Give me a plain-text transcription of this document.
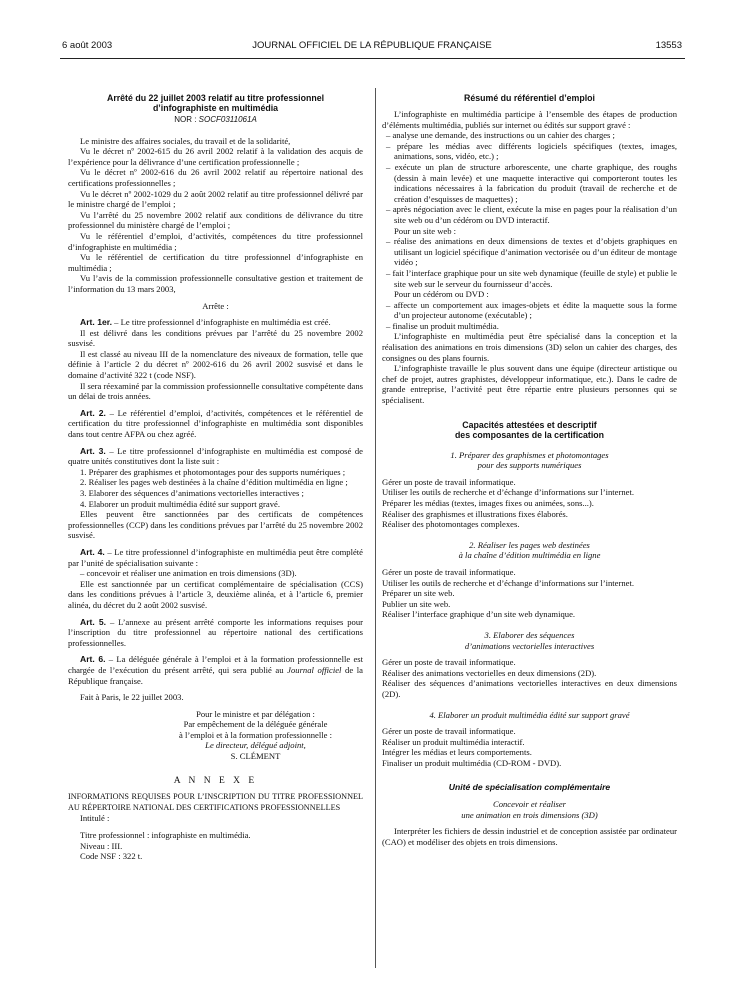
6 août 2003	JOURNAL OFFICIEL DE LA RÉPUBLIQUE FRANÇAISE	13553

Arrêté du 22 juillet 2003 relatif au titre professionnel
d’infographiste en multimédia

NOR : SOCF0311061A

Le ministre des affaires sociales, du travail et de la solidarité,

Vu le décret nº 2002-615 du 26 avril 2002 relatif à la validation des acquis de l’expérience pour la délivrance d’une certification professionnelle ;

Vu le décret nº 2002-616 du 26 avril 2002 relatif au répertoire national des certifications professionnelles ;

Vu le décret nº 2002-1029 du 2 août 2002 relatif au titre professionnel délivré par le ministre chargé de l’emploi ;

Vu l’arrêté du 25 novembre 2002 relatif aux conditions de délivrance du titre professionnel du ministère chargé de l’emploi ;

Vu le référentiel d’emploi, d’activités, compétences du titre professionnel d’infographiste en multimédia ;

Vu le référentiel de certification du titre professionnel d’infographiste en multimédia ;

Vu l’avis de la commission professionnelle consultative gestion et traitement de l’information du 13 mars 2003,

Arrête :

Art. 1er. – Le titre professionnel d’infographiste en multimédia est créé.

Il est délivré dans les conditions prévues par l’arrêté du 25 novembre 2002 susvisé.

Il est classé au niveau III de la nomenclature des niveaux de formation, telle que définie à l’article 2 du décret nº 2002-616 du 26 avril 2002 susvisé et dans le domaine d’activité 322 t (code NSF).

Il sera réexaminé par la commission professionnelle consultative compétente dans un délai de trois années.

Art. 2. – Le référentiel d’emploi, d’activités, compétences et le référentiel de certification du titre professionnel d’infographiste en multimédia sont disponibles dans tout centre AFPA ou chez agréé.

Art. 3. – Le titre professionnel d’infographiste en multimédia est composé de quatre unités constitutives dont la liste suit :

1. Préparer des graphismes et photomontages pour des supports numériques ;

2. Réaliser les pages web destinées à la chaîne d’édition multimédia en ligne ;

3. Elaborer des séquences d’animations vectorielles interactives ;

4. Elaborer un produit multimédia édité sur support gravé.

Elles peuvent être sanctionnées par des certificats de compétences professionnelles (CCP) dans les conditions prévues par l’arrêté du 25 novembre 2002 susvisé.

Art. 4. – Le titre professionnel d’infographiste en multimédia peut être complété par l’unité de spécialisation suivante :

– concevoir et réaliser une animation en trois dimensions (3D).

Elle est sanctionnée par un certificat complémentaire de spécialisation (CCS) dans les conditions prévues à l’article 3, deuxième alinéa, et à l’article 6, premier alinéa, du décret du 2 août 2002 susvisé.

Art. 5. – L’annexe au présent arrêté comporte les informations requises pour l’inscription du titre professionnel au répertoire national des certifications professionnelles.

Art. 6. – La déléguée générale à l’emploi et à la formation professionnelle est chargée de l’exécution du présent arrêté, qui sera publié au Journal officiel de la République française.

Fait à Paris, le 22 juillet 2003.

Pour le ministre et par délégation :

Par empêchement de la déléguée générale

à l’emploi et à la formation professionnelle :

Le directeur, délégué adjoint,

S. CLÉMENT

A N N E X E

INFORMATIONS REQUISES POUR L’INSCRIPTION DU TITRE PROFESSIONNEL AU RÉPERTOIRE NATIONAL DES CERTIFICATIONS PROFESSIONNELLES

Intitulé :

Titre professionnel : infographiste en multimédia.

Niveau : III.

Code NSF : 322 t.

Résumé du référentiel d’emploi

L’infographiste en multimédia participe à l’ensemble des étapes de production d’éléments multimédia, publiés sur internet ou édités sur support gravé :

– analyse une demande, des instructions ou un cahier des charges ;

– prépare les médias avec différents logiciels spécifiques (textes, images, animations, sons, vidéo, etc.) ;

– exécute un plan de structure arborescente, une charte graphique, des roughs (dessin à main levée) et une maquette interactive qui comporteront toutes les indications nécessaires à la fabrication du produit (travail de recherche et de création d’esquisses de maquettes) ;

– après négociation avec le client, exécute la mise en pages pour la réalisation d’un site web ou d’un cédérom ou DVD interactif.

Pour un site web :

– réalise des animations en deux dimensions de textes et d’objets graphiques en utilisant un logiciel spécifique d’animation vectorisée ou d’un éditeur de montage vidéo ;

– fait l’interface graphique pour un site web dynamique (feuille de style) et publie le site web sur le serveur du fournisseur d’accès.

Pour un cédérom ou DVD :

– affecte un comportement aux images-objets et édite la maquette sous la forme d’un projecteur autonome (exécutable) ;

– finalise un produit multimédia.

L’infographiste en multimédia peut être spécialisé dans la conception et la réalisation des animations en trois dimensions (3D) selon un cahier des charges, des consignes ou des plans fournis.

L’infographiste travaille le plus souvent dans une équipe (directeur artistique ou chef de projet, autres graphistes, développeur informatique, etc.). Dans le cadre de grande entreprise, l’activité peut être répartie entre plusieurs personnes qui se spécialisent.

Capacités attestées et descriptif
des composantes de la certification

1. Préparer des graphismes et photomontages
pour des supports numériques

Gérer un poste de travail informatique.

Utiliser les outils de recherche et d’échange d’informations sur l’internet.

Préparer les médias (textes, images fixes ou animées, sons...).

Réaliser des graphismes et illustrations fixes élaborés.

Réaliser des photomontages complexes.

2. Réaliser les pages web destinées
à la chaîne d’édition multimédia en ligne

Gérer un poste de travail informatique.

Utiliser les outils de recherche et d’échange d’informations sur l’internet.

Préparer un site web.

Publier un site web.

Réaliser l’interface graphique d’un site web dynamique.

3. Elaborer des séquences
d’animations vectorielles interactives

Gérer un poste de travail informatique.

Réaliser des animations vectorielles en deux dimensions (2D).

Réaliser des séquences d’animations vectorielles interactives en deux dimensions (2D).

4. Elaborer un produit multimédia édité sur support gravé

Gérer un poste de travail informatique.

Réaliser un produit multimédia interactif.

Intégrer les médias et leurs comportements.

Finaliser un produit multimédia (CD-ROM - DVD).

Unité de spécialisation complémentaire

Concevoir et réaliser
une animation en trois dimensions (3D)

Interpréter les fichiers de dessin industriel et de conception assistée par ordinateur (CAO) et modéliser des objets en trois dimensions.
